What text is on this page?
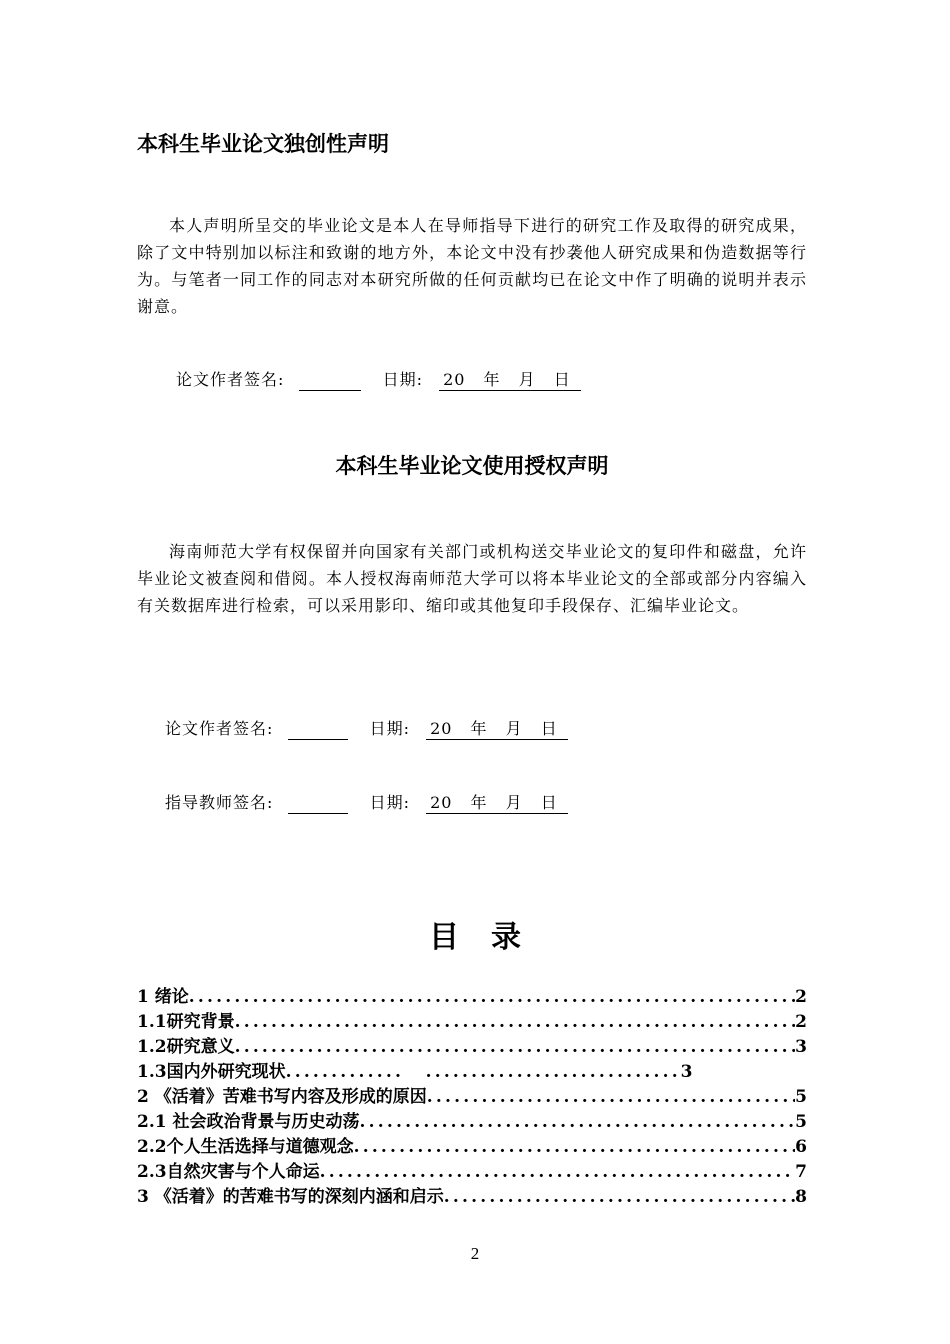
本科生毕业论文独创性声明

本人声明所呈交的毕业论文是本人在导师指导下进行的研究工作及取得的研究成果，除了文中特别加以标注和致谢的地方外，本论文中没有抄袭他人研究成果和伪造数据等行为。与笔者一同工作的同志对本研究所做的任何贡献均已在论文中作了明确的说明并表示谢意。

论文作者签名:	日期: 20 年 月 日
本科生毕业论文使用授权声明

海南师范大学有权保留并向国家有关部门或机构送交毕业论文的复印件和磁盘，允许毕业论文被查阅和借阅。本人授权海南师范大学可以将本毕业论文的全部或部分内容编入有关数据库进行检索，可以采用影印、缩印或其他复印手段保存、汇编毕业论文。

论文作者签名:	日期: 20 年 月 日
指导教师签名:	日期: 20 年 月 日
目录
1 绪论 .....	2
1.1研究背景 .....	2
1.2研究意义 .....	3
1.3国内外研究现状 ..... .....	3
2 《活着》苦难书写内容及形成的原因 .....	5
2.1 社会政治背景与历史动荡 .....	5
2.2个人生活选择与道德观念 .....	6
2.3自然灾害与个人命运 .....	7
3 《活着》的苦难书写的深刻内涵和启示 .....	8
2
